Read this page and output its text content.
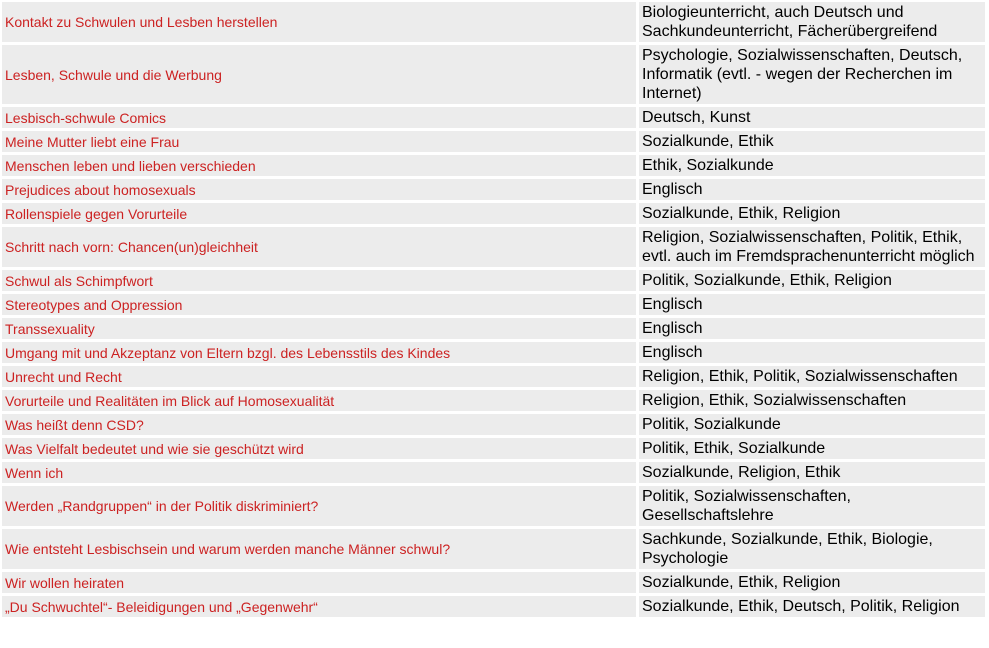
Kontakt zu Schwulen und Lesben herstellen	Biologieunterricht, auch Deutsch und Sachkundeunterricht, Fächerübergreifend
Lesben, Schwule und die Werbung	Psychologie, Sozialwissenschaften, Deutsch, Informatik (evtl. - wegen der Recherchen im Internet)
Lesbisch-schwule Comics	Deutsch, Kunst
Meine Mutter liebt eine Frau	Sozialkunde, Ethik
Menschen leben und lieben verschieden	Ethik, Sozialkunde
Prejudices about homosexuals	Englisch
Rollenspiele gegen Vorurteile	Sozialkunde, Ethik, Religion
Schritt nach vorn: Chancen(un)gleichheit	Religion, Sozialwissenschaften, Politik, Ethik, evtl. auch im Fremdsprachenunterricht möglich
Schwul als Schimpfwort	Politik, Sozialkunde, Ethik, Religion
Stereotypes and Oppression	Englisch
Transsexuality	Englisch
Umgang mit und Akzeptanz von Eltern bzgl. des Lebensstils des Kindes	Englisch
Unrecht und Recht	Religion, Ethik, Politik, Sozialwissenschaften
Vorurteile und Realitäten im Blick auf Homosexualität	Religion, Ethik, Sozialwissenschaften
Was heißt denn CSD?	Politik, Sozialkunde
Was Vielfalt bedeutet und wie sie geschützt wird	Politik, Ethik, Sozialkunde
Wenn ich	Sozialkunde, Religion, Ethik
Werden „Randgruppen“ in der Politik diskriminiert?	Politik, Sozialwissenschaften, Gesellschaftslehre
Wie entsteht Lesbischsein und warum werden manche Männer schwul?	Sachkunde, Sozialkunde, Ethik, Biologie, Psychologie
Wir wollen heiraten	Sozialkunde, Ethik, Religion
„Du Schwuchtel“- Beleidigungen und „Gegenwehr“	Sozialkunde, Ethik, Deutsch, Politik, Religion
